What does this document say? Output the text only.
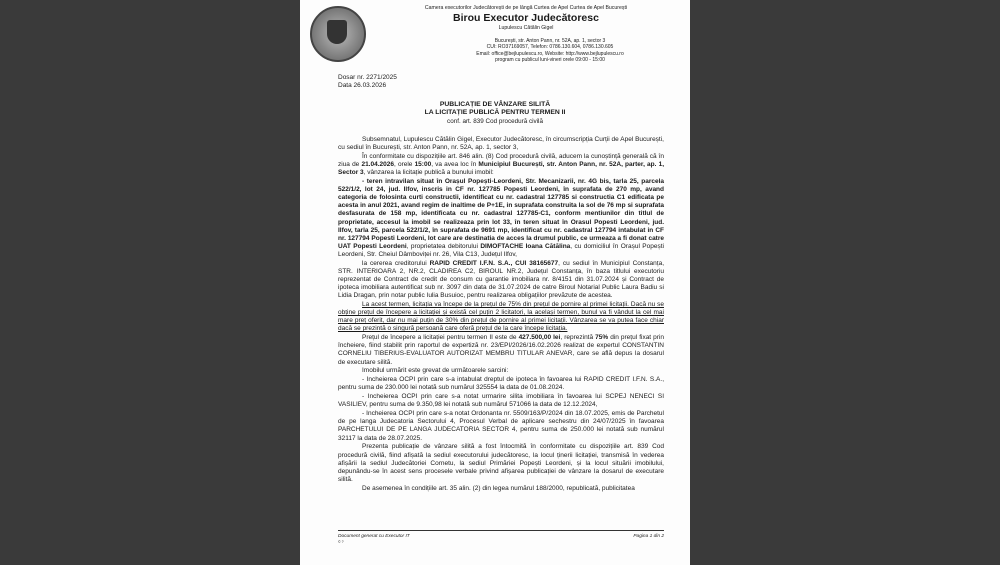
Camera executorilor Judecătorești de pe lângă Curtea de Apel Curtea de Apel București
Birou Executor Judecătoresc
Lupulescu Cătălin Gigel
București, str. Anton Pann, nr. 52A, ap. 1, sector 3
CUI: RO37169057, Telefon: 0786.130.604, 0786.130.605
Email: office@bejlupulescu.ro, Website: http://www.bejlupulescu.ro
program cu publicul luni-vineri orele 09:00 - 15:00
Dosar nr. 2271/2025
Data 26.03.2026
PUBLICAȚIE DE VÂNZARE SILITĂ
LA LICITAȚIE PUBLICĂ PENTRU TERMEN II
conf. art. 839 Cod procedură civilă

Subsemnatul, Lupulescu Cătălin Gigel, Executor Judecătoresc, în circumscripția Curții de Apel București, cu sediul în București, str. Anton Pann, nr. 52A, ap. 1, sector 3,

În conformitate cu dispozițiile art. 846 alin. (8) Cod procedură civilă, aducem la cunoștință generală că în ziua de 21.04.2026, orele 15:00, va avea loc în Municipiul București, str. Anton Pann, nr. 52A, parter, ap. 1, Sector 3, vânzarea la licitație publică a bunului imobil:

- teren intravilan situat în Orașul Popești-Leordeni, Str. Mecanizarii, nr. 4G bis, tarla 25, parcela 522/1/2, lot 24, jud. Ilfov, inscris in CF nr. 127785 Popesti Leordeni, în suprafata de 270 mp, avand categoria de folosinta curti constructii, identificat cu nr. cadastral 127785 si constructia C1 edificata pe acesta in anul 2021, avand regim de inaltime de P+1E, in suprafata construita la sol de 76 mp si suprafata desfasurata de 158 mp, identificata cu nr. cadastral 127785-C1, conform mentiunilor din titlul de proprietate, accesul la imobil se realizeaza prin lot 33, în teren situat în Orasul Popesti Leordeni, jud. Ilfov, tarla 25, parcela 522/1/2, în suprafata de 9691 mp, identificat cu nr. cadastral 127794 intabulat in CF nr. 127794 Popesti Leordeni, lot care are destinatia de acces la drumul public, ce urmeaza a fi donat catre UAT Popesti Leordeni, proprietatea debitorului DIMOFTACHE Ioana Cătălina, cu domiciliul în Orașul Popești Leordeni, Str. Cheiul Dâmboviței nr. 26, Vila C13, Județul Ilfov,

la cererea creditorului RAPID CREDIT I.F.N. S.A., CUI 38165677, cu sediul în Municipiul Constanța, STR. INTERIOARA 2, NR.2, CLADIREA C2, BIROUL NR.2, Județul Constanța, în baza titlului executoriu reprezentat de Contract de credit de consum cu garantie imobiliara nr. 8/4151 din 31.07.2024 și Contract de ipoteca imobiliara autentificat sub nr. 3097 din data de 31.07.2024 de catre Biroul Notarial Public Laura Badiu si Lidia Dragan, prin notar public Iulia Busuioc, pentru realizarea obligațiilor prevăzute de acestea.

La acest termen, licitația va începe de la prețul de 75% din prețul de pornire al primei licitații. Dacă nu se obține prețul de începere a licitației și există cel puțin 2 licitatori, la același termen, bunul va fi vândut la cel mai mare preț oferit, dar nu mai puțin de 30% din prețul de pornire al primei licitații. Vânzarea se va putea face chiar dacă se prezintă o singură persoană care oferă prețul de la care începe licitația.

Prețul de începere a licitației pentru termen II este de 427.500,00 lei, reprezintă 75% din prețul fixat prin încheiere, fiind stabilit prin raportul de expertiză nr. 23/EPI/2026/16.02.2026 realizat de expertul CONSTANTIN CORNELIU TIBERIUS-EVALUATOR AUTORIZAT MEMBRU TITULAR ANEVAR, care se află depus la dosarul de executare silită.

Imobilul urmărit este grevat de următoarele sarcini:

- Incheierea OCPI prin care s-a intabulat dreptul de ipoteca în favoarea lui RAPID CREDIT I.F.N. S.A., pentru suma de 230.000 lei notată sub numărul 325554 la data de 01.08.2024.

- Incheierea OCPI prin care s-a notat urmarire silita imobiliara în favoarea lui SCPEJ NENECI SI VASILIEV, pentru suma de 9.350,98 lei notată sub numărul 571066 la data de 12.12.2024,

- Incheierea OCPI prin care s-a notat Ordonanta nr. 5509/163/P/2024 din 18.07.2025, emis de Parchetul de pe langa Judecatoria Sectorului 4, Procesul Verbal de aplicare sechestru din 24/07/2025 în favoarea PARCHETULUI DE PE LANGA JUDECATORIA SECTOR 4, pentru suma de 250.000 lei notată sub numărul 32117 la data de 28.07.2025.

Prezenta publicație de vânzare silită a fost întocmită în conformitate cu dispozițiile art. 839 Cod procedură civilă, fiind afișată la sediul executorului judecătoresc, la locul ținerii licitației, transmisă în vederea afișării la sediul Judecătoriei Cornetu, la sediul Primăriei Popești Leordeni, și la locul situării imobilului, depunându-se în acest sens procesele verbale privind afișarea publicației de vânzare la dosarul de executare silită.

De asemenea în condițiile art. 35 alin. (2) din legea numărul 188/2000, republicată, publicitatea

Document generat cu Executor IT
© ?
Pagina 1 din 2
